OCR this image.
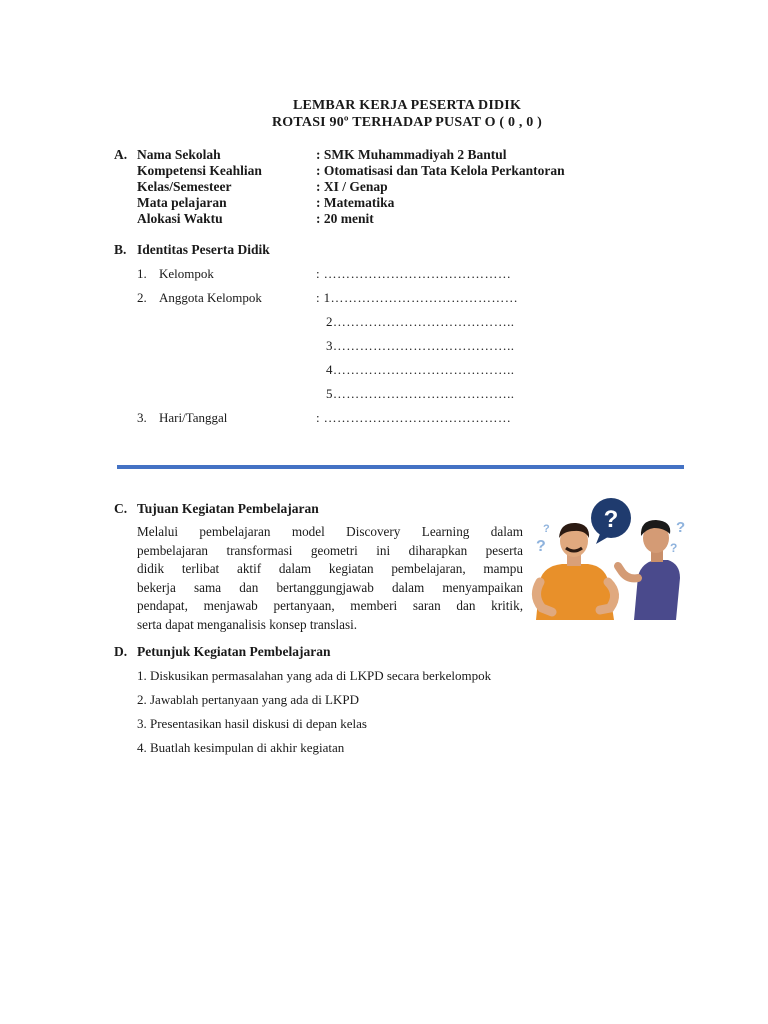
LEMBAR KERJA PESERTA DIDIK
ROTASI 90º TERHADAP PUSAT O ( 0 , 0 )
A. Nama Sekolah	: SMK Muhammadiyah 2 Bantul
Kompetensi Keahlian	: Otomatisasi dan Tata Kelola Perkantoran
Kelas/Semesteer	: XI / Genap
Mata pelajaran	: Matematika
Alokasi Waktu	: 20 menit
B. Identitas Peserta Didik
1. Kelompok	: ……………………………………
2. Anggota Kelompok	: 1……………………………………
2…………………………………..
3…………………………………..
4…………………………………..
5…………………………………..
3. Hari/Tanggal	: ……………………………………
C. Tujuan Kegiatan Pembelajaran
Melalui pembelajaran model Discovery Learning dalam
pembelajaran transformasi geometri ini diharapkan peserta
didik terlibat aktif dalam kegiatan pembelajaran, mampu
bekerja sama dan bertanggungjawab dalam menyampaikan
pendapat, menjawab pertanyaan, memberi saran dan kritik,
serta dapat menganalisis konsep translasi.
?
?	?
?
?
D. Petunjuk Kegiatan Pembelajaran
1. Diskusikan permasalahan yang ada di LKPD secara berkelompok
2. Jawablah pertanyaan yang ada di LKPD
3. Presentasikan hasil diskusi di depan kelas
4. Buatlah kesimpulan di akhir kegiatan
